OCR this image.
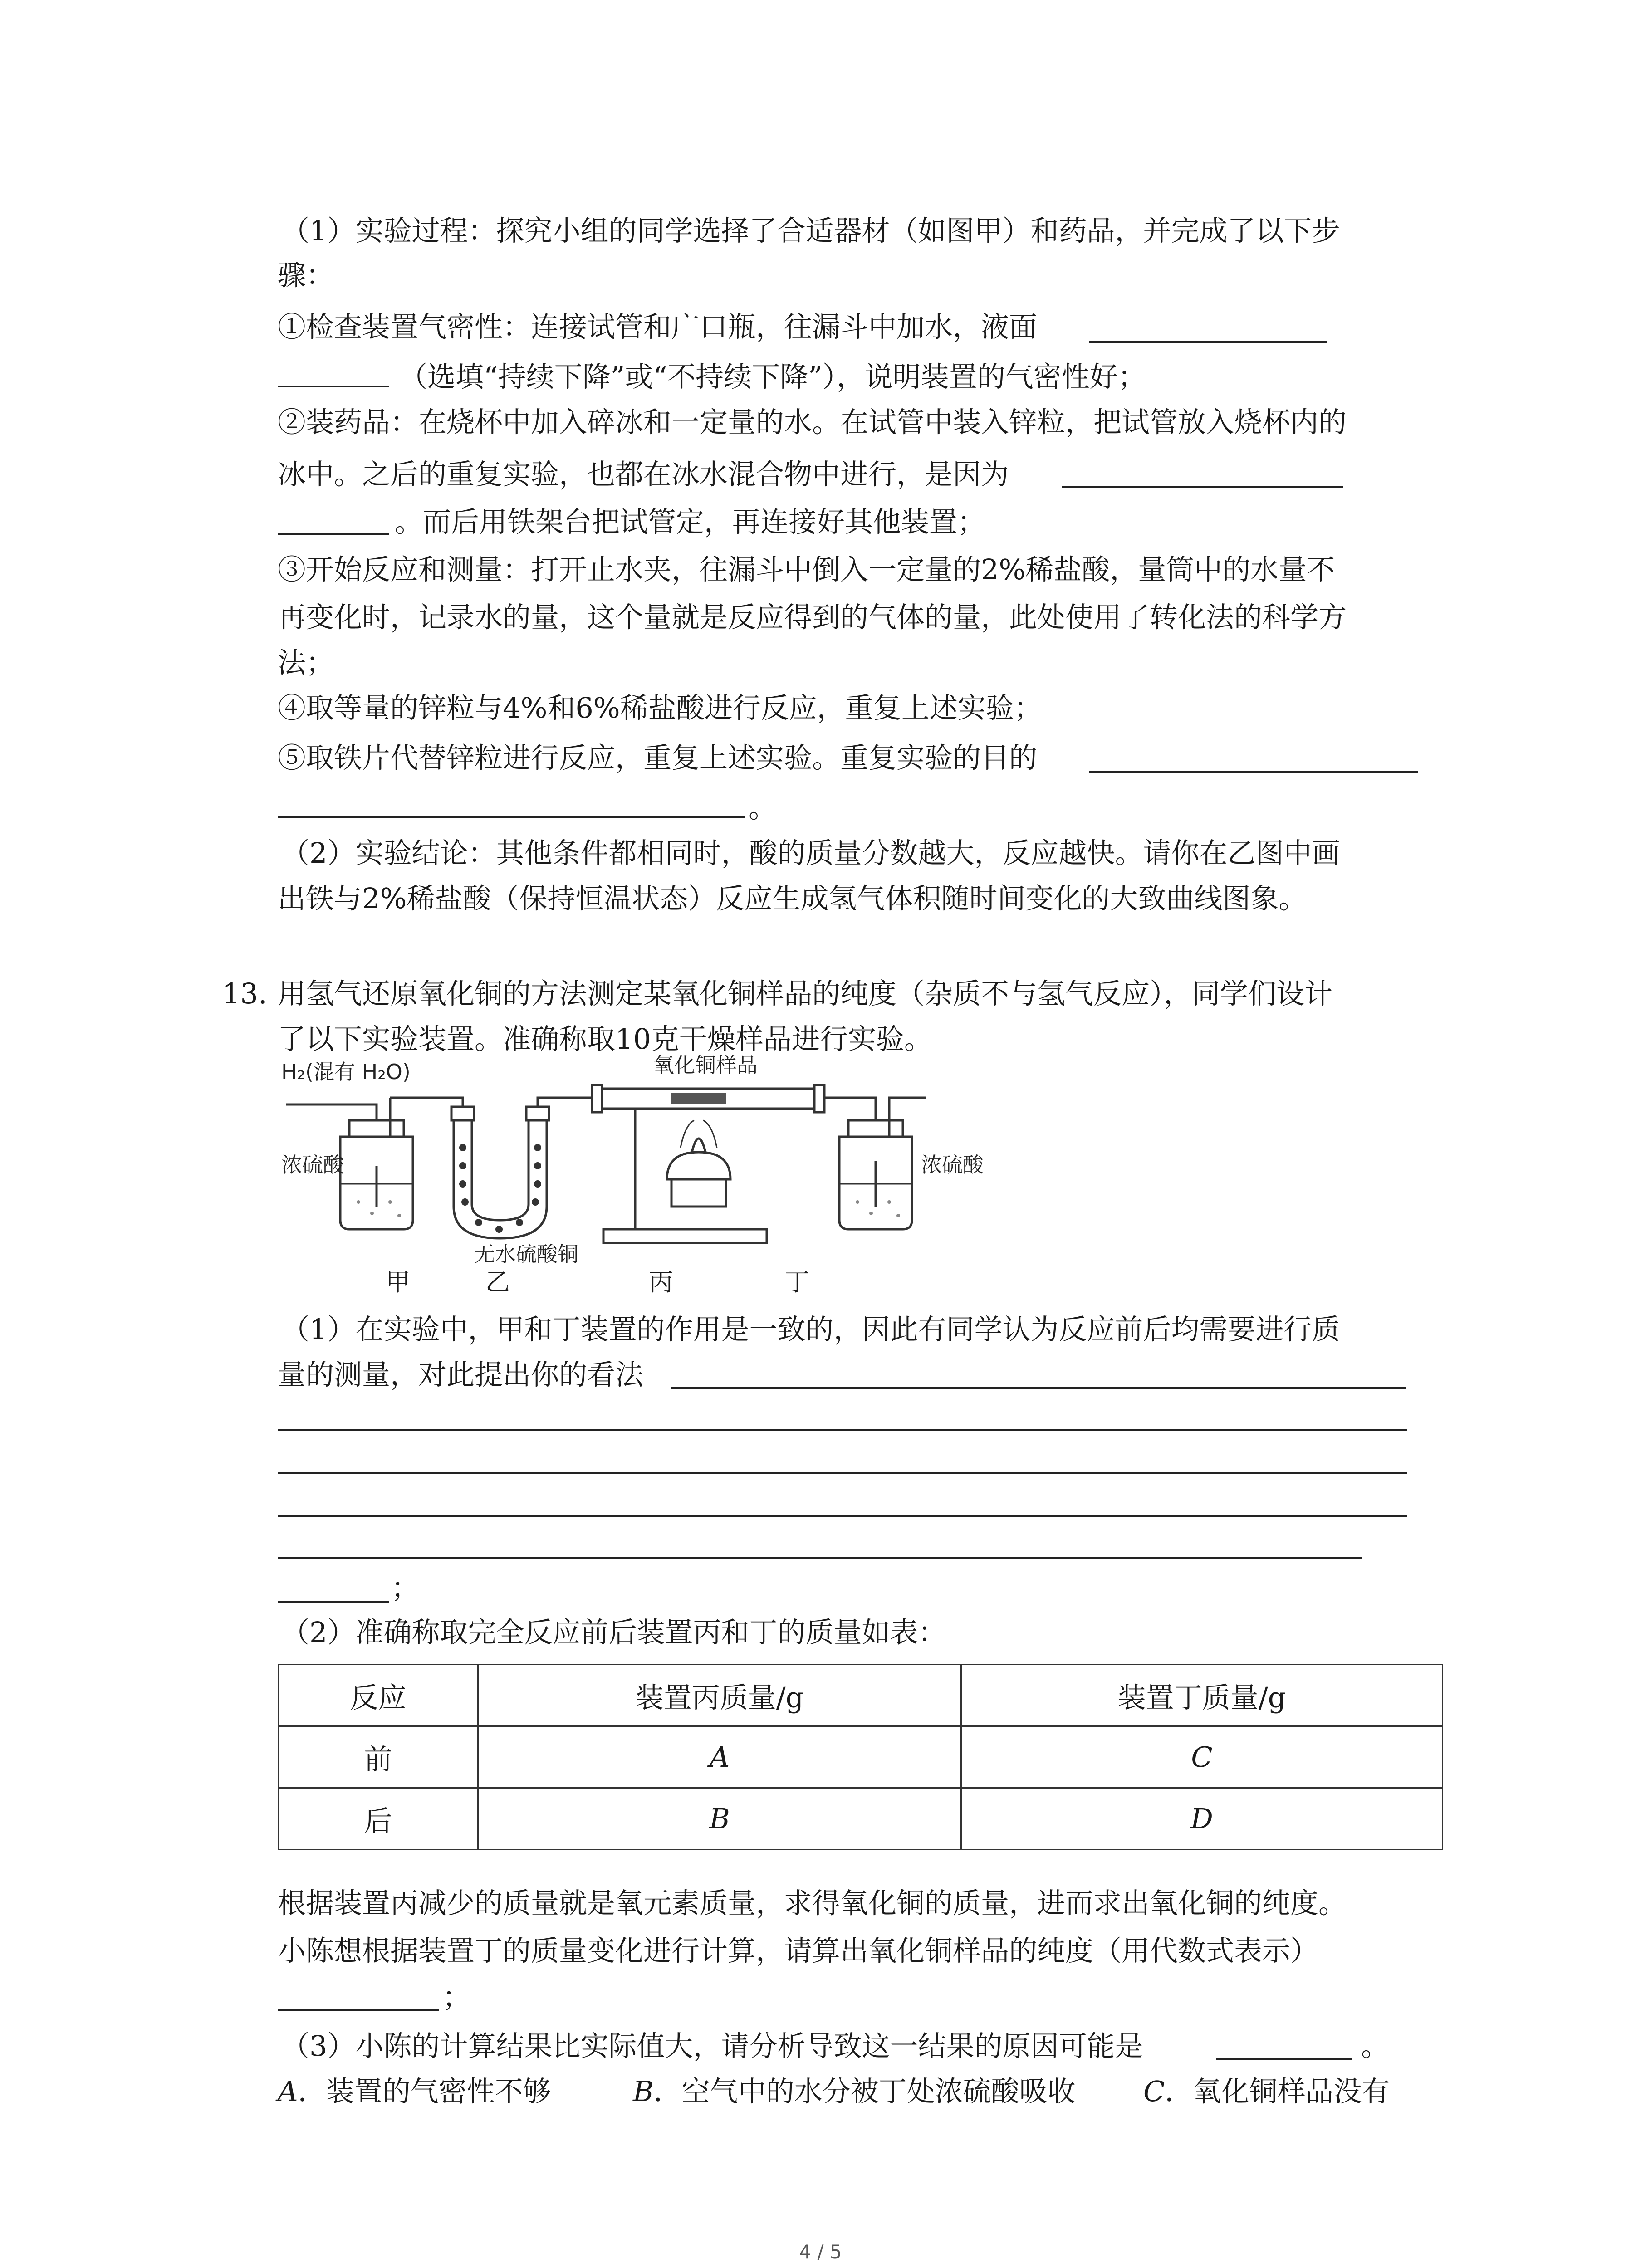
（1）实验过程：探究小组的同学选择了合适器材（如图甲）和药品，并完成了以下步
骤：
①检查装置气密性：连接试管和广口瓶，往漏斗中加水，液面
（选填“持续下降”或“不持续下降”），说明装置的气密性好；
②装药品：在烧杯中加入碎冰和一定量的水。在试管中装入锌粒，把试管放入烧杯内的
冰中。之后的重复实验，也都在冰水混合物中进行，是因为
。而后用铁架台把试管定，再连接好其他装置；
③开始反应和测量：打开止水夹，往漏斗中倒入一定量的2%稀盐酸，量筒中的水量不
再变化时，记录水的量，这个量就是反应得到的气体的量，此处使用了转化法的科学方
法；
④取等量的锌粒与4%和6%稀盐酸进行反应，重复上述实验；
⑤取铁片代替锌粒进行反应，重复上述实验。重复实验的目的
。
（2）实验结论：其他条件都相同时，酸的质量分数越大，反应越快。请你在乙图中画
出铁与2%稀盐酸（保持恒温状态）反应生成氢气体积随时间变化的大致曲线图象。
13. 用氢气还原氧化铜的方法测定某氧化铜样品的纯度（杂质不与氢气反应），同学们设计
了以下实验装置。准确称取10克干燥样品进行实验。
H₂(混有 H₂O)	氧化铜样品
浓硫酸	浓硫酸
无水硫酸铜
甲	乙	丙	丁
（1）在实验中，甲和丁装置的作用是一致的，因此有同学认为反应前后均需要进行质
量的测量，对此提出你的看法
；
（2）准确称取完全反应前后装置丙和丁的质量如表：
反应	装置丙质量/g	装置丁质量/g
前	A	C
后	B	D
根据装置丙减少的质量就是氧元素质量，求得氧化铜的质量，进而求出氧化铜的纯度。
小陈想根据装置丁的质量变化进行计算，请算出氧化铜样品的纯度（用代数式表示）
；
（3）小陈的计算结果比实际值大，请分析导致这一结果的原因可能是	。
A．装置的气密性不够	B．空气中的水分被丁处浓硫酸吸收 C．氧化铜样品没有
4 / 5
